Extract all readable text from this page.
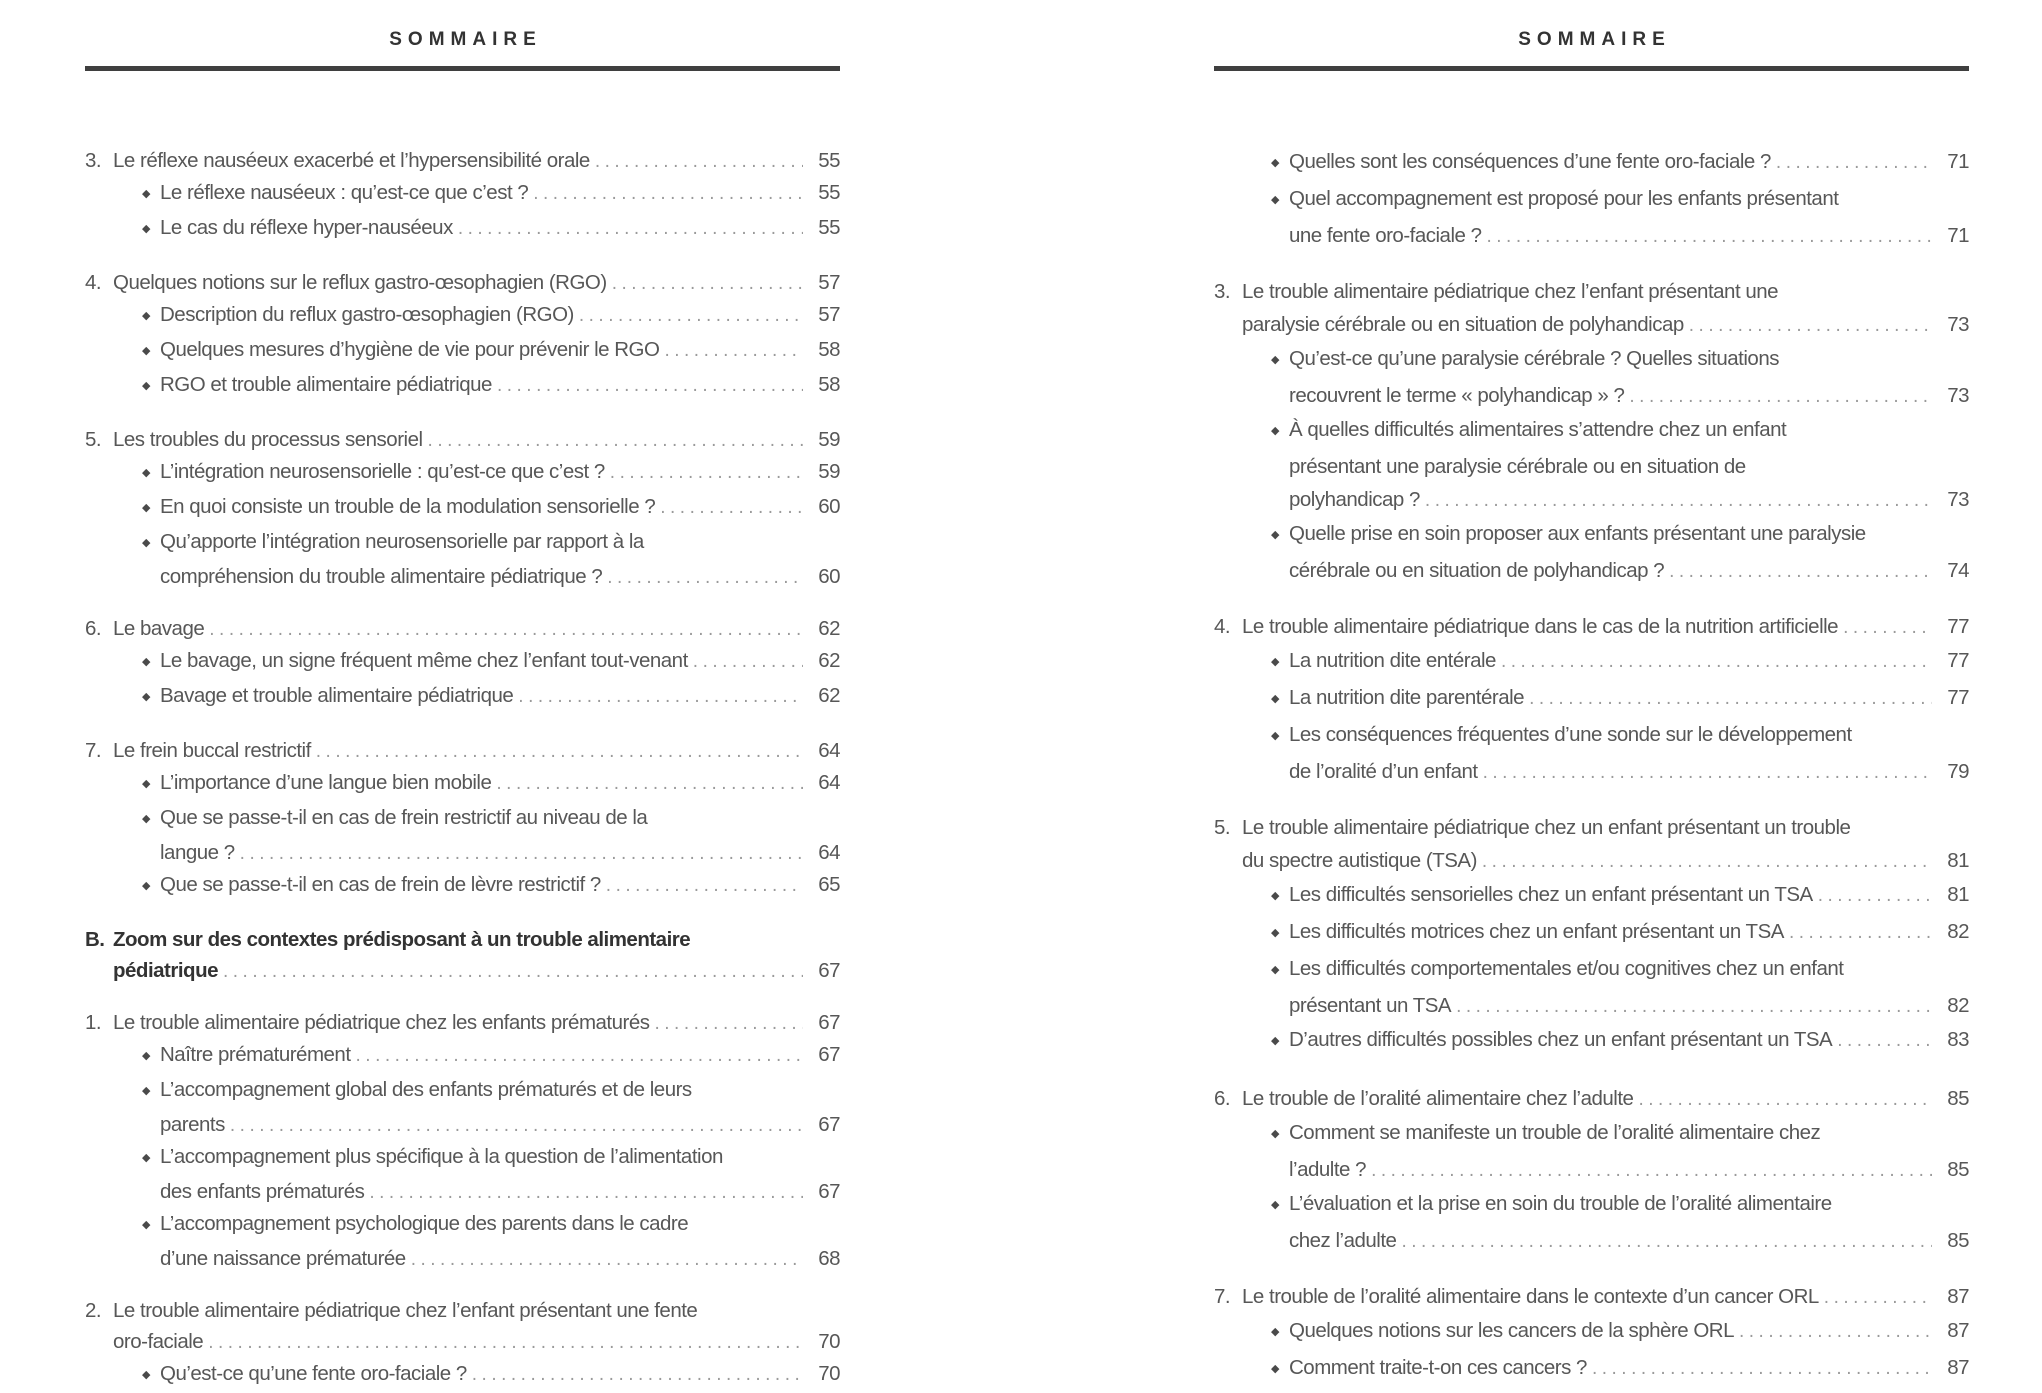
SOMMAIRE
3. Le réflexe nauséeux exacerbé et l’hypersensibilité orale .....	55
◆ Le réflexe nauséeux : qu’est-ce que c’est ? .....	55
◆ Le cas du réflexe hyper-nauséeux .....	55
4. Quelques notions sur le reflux gastro-œsophagien (RGO) .....	57
◆ Description du reflux gastro-œsophagien (RGO) .....	57
◆ Quelques mesures d’hygiène de vie pour prévenir le RGO .....	58
◆ RGO et trouble alimentaire pédiatrique .....	58
5. Les troubles du processus sensoriel .....	59
◆ L’intégration neurosensorielle : qu’est-ce que c’est ? .....	59
◆ En quoi consiste un trouble de la modulation sensorielle ? .....	60
◆ Qu’apporte l’intégration neurosensorielle par rapport à la
compréhension du trouble alimentaire pédiatrique ? .....	60
6. Le bavage .....	62
◆ Le bavage, un signe fréquent même chez l’enfant tout-venant .....	62
◆ Bavage et trouble alimentaire pédiatrique .....	62
7. Le frein buccal restrictif .....	64
◆ L’importance d’une langue bien mobile .....	64
◆ Que se passe-t-il en cas de frein restrictif au niveau de la
langue ? .....	64
◆ Que se passe-t-il en cas de frein de lèvre restrictif ? .....	65
B. Zoom sur des contextes prédisposant à un trouble alimentaire
pédiatrique .....	67
1. Le trouble alimentaire pédiatrique chez les enfants prématurés .....	67
◆ Naître prématurément .....	67
◆ L’accompagnement global des enfants prématurés et de leurs
parents .....	67
◆ L’accompagnement plus spécifique à la question de l’alimentation
des enfants prématurés .....	67
◆ L’accompagnement psychologique des parents dans le cadre
d’une naissance prématurée .....	68
2. Le trouble alimentaire pédiatrique chez l’enfant présentant une fente
oro-faciale .....	70
◆ Qu’est-ce qu’une fente oro-faciale ? .....	70
SOMMAIRE
◆ Quelles sont les conséquences d’une fente oro-faciale ? .....	71
◆ Quel accompagnement est proposé pour les enfants présentant
une fente oro-faciale ? .....	71
3. Le trouble alimentaire pédiatrique chez l’enfant présentant une
paralysie cérébrale ou en situation de polyhandicap .....	73
◆ Qu’est-ce qu’une paralysie cérébrale ? Quelles situations
recouvrent le terme « polyhandicap » ? .....	73
◆ À quelles difficultés alimentaires s’attendre chez un enfant
présentant une paralysie cérébrale ou en situation de
polyhandicap ? .....	73
◆ Quelle prise en soin proposer aux enfants présentant une paralysie
cérébrale ou en situation de polyhandicap ? .....	74
4. Le trouble alimentaire pédiatrique dans le cas de la nutrition artificielle .....	77
◆ La nutrition dite entérale .....	77
◆ La nutrition dite parentérale .....	77
◆ Les conséquences fréquentes d’une sonde sur le développement
de l’oralité d’un enfant .....	79
5. Le trouble alimentaire pédiatrique chez un enfant présentant un trouble
du spectre autistique (TSA) .....	81
◆ Les difficultés sensorielles chez un enfant présentant un TSA .....	81
◆ Les difficultés motrices chez un enfant présentant un TSA .....	82
◆ Les difficultés comportementales et/ou cognitives chez un enfant
présentant un TSA .....	82
◆ D’autres difficultés possibles chez un enfant présentant un TSA .....	83
6. Le trouble de l’oralité alimentaire chez l’adulte .....	85
◆ Comment se manifeste un trouble de l’oralité alimentaire chez
l’adulte ? .....	85
◆ L’évaluation et la prise en soin du trouble de l’oralité alimentaire
chez l’adulte .....	85
7. Le trouble de l’oralité alimentaire dans le contexte d’un cancer ORL .....	87
◆ Quelques notions sur les cancers de la sphère ORL .....	87
◆ Comment traite-t-on ces cancers ? .....	87
